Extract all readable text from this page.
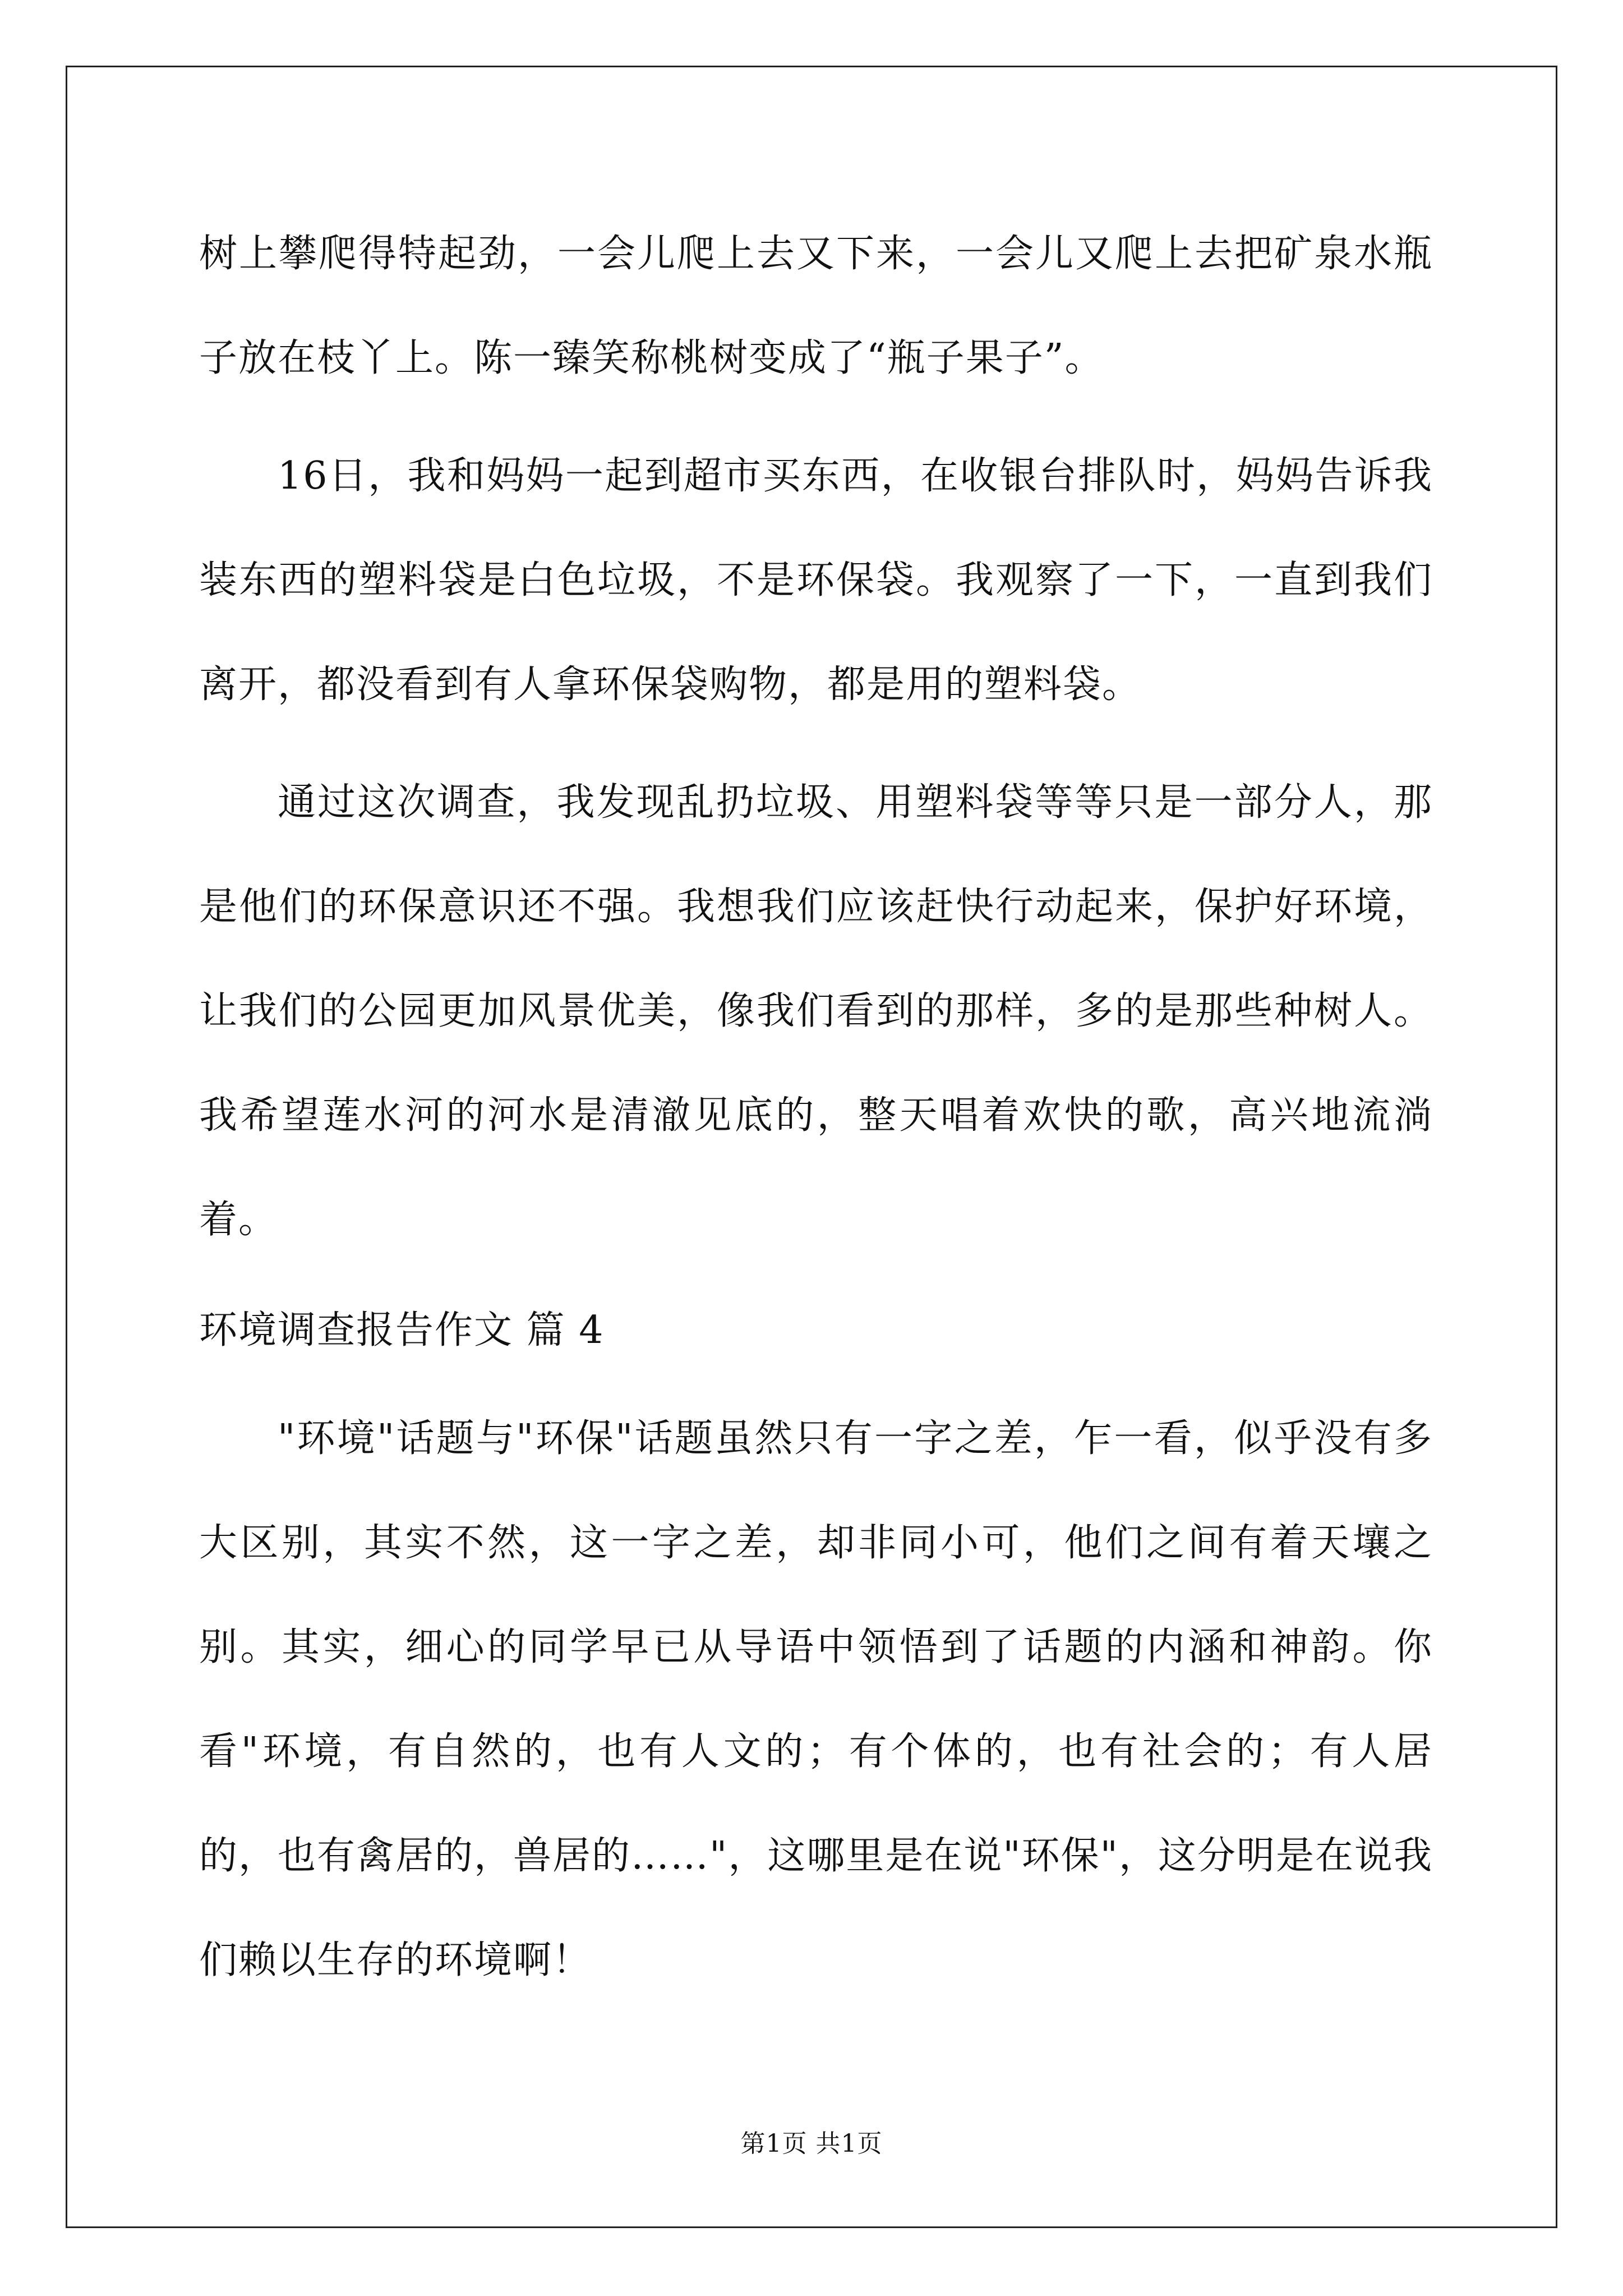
树上攀爬得特起劲，一会儿爬上去又下来，一会儿又爬上去把矿泉水瓶子放在枝丫上。陈一臻笑称桃树变成了“瓶子果子”。

16日，我和妈妈一起到超市买东西，在收银台排队时，妈妈告诉我装东西的塑料袋是白色垃圾，不是环保袋。我观察了一下，一直到我们离开，都没看到有人拿环保袋购物，都是用的塑料袋。

通过这次调查，我发现乱扔垃圾、用塑料袋等等只是一部分人，那是他们的环保意识还不强。我想我们应该赶快行动起来，保护好环境，让我们的公园更加风景优美，像我们看到的那样，多的是那些种树人。我希望莲水河的河水是清澈见底的，整天唱着欢快的歌，高兴地流淌着。

环境调查报告作文 篇 4

"环境"话题与"环保"话题虽然只有一字之差，乍一看，似乎没有多大区别，其实不然，这一字之差，却非同小可，他们之间有着天壤之别。其实，细心的同学早已从导语中领悟到了话题的内涵和神韵。你看"环境，有自然的，也有人文的；有个体的，也有社会的；有人居的，也有禽居的，兽居的……"，这哪里是在说"环保"，这分明是在说我们赖以生存的环境啊！

第1页 共1页
